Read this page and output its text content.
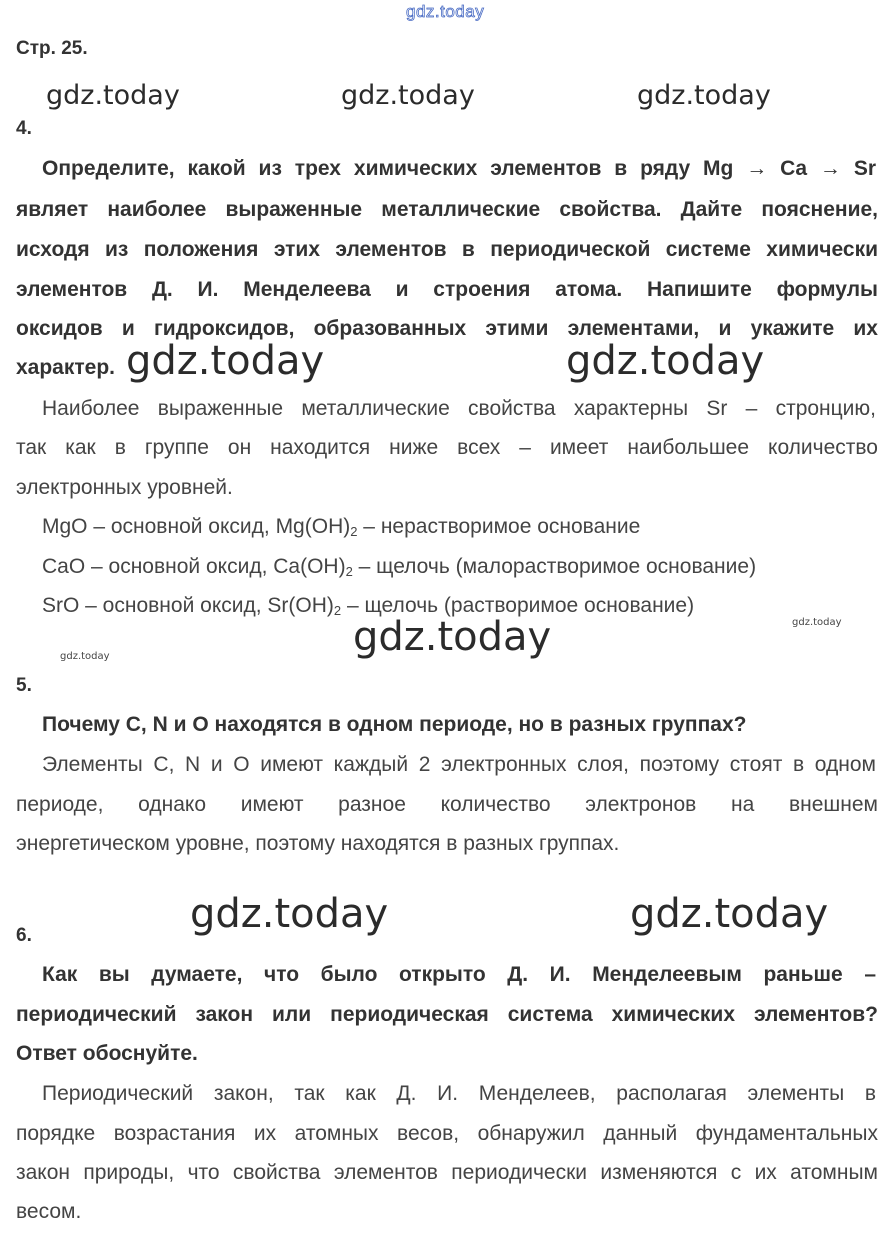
gdz.today
Стр. 25.
gdz.today	gdz.today	gdz.today
4.
Определите, какой из трех химических элементов в ряду Mg → Ca → Sr
являет наиболее выраженные металлические свойства. Дайте пояснение,
исходя из положения этих элементов в периодической системе химически
элементов Д. И. Менделеева и строения атома. Напишите формулы
оксидов и гидроксидов, образованных этими элементами, и укажите их
характер. gdz.today	gdz.today
Наиболее выраженные металлические свойства характерны Sr – стронцию,
так как в группе он находится ниже всех – имеет наибольшее количество
электронных уровней.
MgO – основной оксид, $Mg(OH)_2$ – нерастворимое основание
CaO – основной оксид, $Ca(OH)_2$ – щелочь (малорастворимое основание)
SrO – основной оксид, $Sr(OH)_2$ – щелочь (растворимое основание)
gdz.today
gdz.today
gdz.today
5.
Почему C, N и O находятся в одном периоде, но в разных группах?
Элементы C, N и O имеют каждый 2 электронных слоя, поэтому стоят в одном
периоде, однако имеют разное количество электронов на внешнем
энергетическом уровне, поэтому находятся в разных группах.
gdz.today	gdz.today
6.
Как вы думаете, что было открыто Д. И. Менделеевым раньше –
периодический закон или периодическая система химических элементов?
Ответ обоснуйте.
Периодический закон, так как Д. И. Менделеев, располагая элементы в
порядке возрастания их атомных весов, обнаружил данный фундаментальных
закон природы, что свойства элементов периодически изменяются с их атомным
весом.
